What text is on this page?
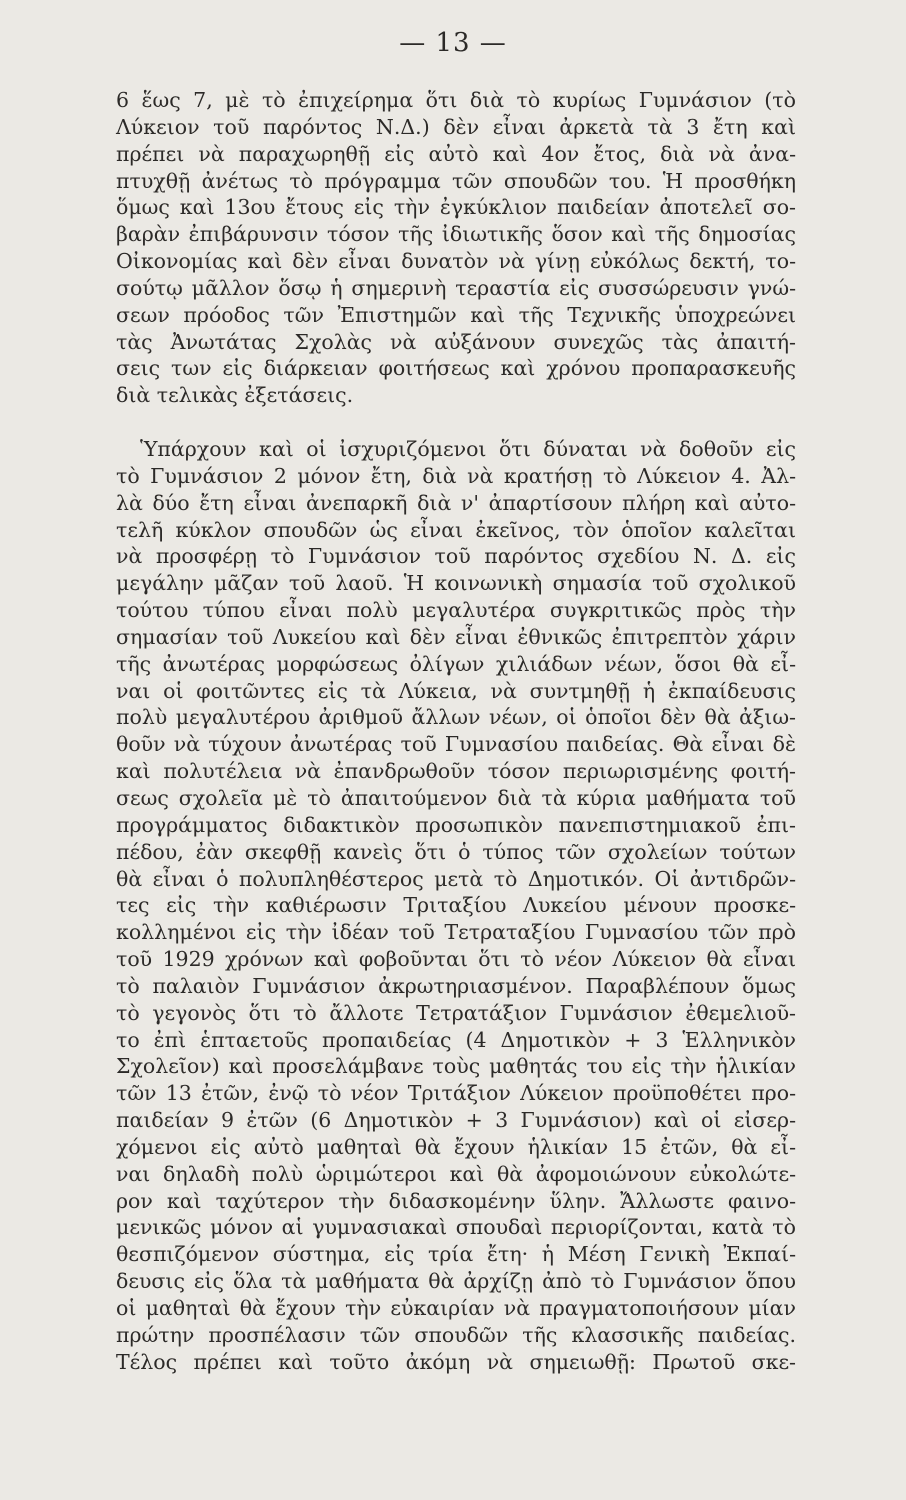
— 13 —
6 ἕως 7, μὲ τὸ ἐπιχείρημα ὅτι διὰ τὸ κυρίως Γυμνάσιον (τὸ
Λύκειον τοῦ παρόντος Ν.Δ.) δὲν εἶναι ἀρκετὰ τὰ 3 ἔτη καὶ
πρέπει νὰ παραχωρηθῇ εἰς αὐτὸ καὶ 4ον ἔτος, διὰ νὰ ἀνα-
πτυχθῇ ἀνέτως τὸ πρόγραμμα τῶν σπουδῶν του. Ἡ προσθήκη
ὅμως καὶ 13ου ἔτους εἰς τὴν ἐγκύκλιον παιδείαν ἀποτελεῖ σο-
βαρὰν ἐπιβάρυνσιν τόσον τῆς ἰδιωτικῆς ὅσον καὶ τῆς δημοσίας
Οἰκονομίας καὶ δὲν εἶναι δυνατὸν νὰ γίνῃ εὐκόλως δεκτή, το-
σούτῳ μᾶλλον ὅσῳ ἡ σημερινὴ τεραστία εἰς συσσώρευσιν γνώ-
σεων πρόοδος τῶν Ἐπιστημῶν καὶ τῆς Τεχνικῆς ὑποχρεώνει
τὰς Ἀνωτάτας Σχολὰς νὰ αὐξάνουν συνεχῶς τὰς ἀπαιτή-
σεις των εἰς διάρκειαν φοιτήσεως καὶ χρόνου προπαρασκευῆς
διὰ τελικὰς ἐξετάσεις.
Ὑπάρχουν καὶ οἱ ἰσχυριζόμενοι ὅτι δύναται νὰ δοθοῦν εἰς
τὸ Γυμνάσιον 2 μόνον ἔτη, διὰ νὰ κρατήσῃ τὸ Λύκειον 4. Ἀλ-
λὰ δύο ἔτη εἶναι ἀνεπαρκῆ διὰ ν' ἀπαρτίσουν πλήρη καὶ αὐτο-
τελῆ κύκλον σπουδῶν ὡς εἶναι ἐκεῖνος, τὸν ὁποῖον καλεῖται
νὰ προσφέρῃ τὸ Γυμνάσιον τοῦ παρόντος σχεδίου Ν. Δ. εἰς
μεγάλην μᾶζαν τοῦ λαοῦ. Ἡ κοινωνικὴ σημασία τοῦ σχολικοῦ
τούτου τύπου εἶναι πολὺ μεγαλυτέρα συγκριτικῶς πρὸς τὴν
σημασίαν τοῦ Λυκείου καὶ δὲν εἶναι ἐθνικῶς ἐπιτρεπτὸν χάριν
τῆς ἀνωτέρας μορφώσεως ὀλίγων χιλιάδων νέων, ὅσοι θὰ εἶ-
ναι οἱ φοιτῶντες εἰς τὰ Λύκεια, νὰ συντμηθῇ ἡ ἐκπαίδευσις
πολὺ μεγαλυτέρου ἀριθμοῦ ἄλλων νέων, οἱ ὁποῖοι δὲν θὰ ἀξιω-
θοῦν νὰ τύχουν ἀνωτέρας τοῦ Γυμνασίου παιδείας. Θὰ εἶναι δὲ
καὶ πολυτέλεια νὰ ἐπανδρωθοῦν τόσον περιωρισμένης φοιτή-
σεως σχολεῖα μὲ τὸ ἀπαιτούμενον διὰ τὰ κύρια μαθήματα τοῦ
προγράμματος διδακτικὸν προσωπικὸν πανεπιστημιακοῦ ἐπι-
πέδου, ἐὰν σκεφθῇ κανεὶς ὅτι ὁ τύπος τῶν σχολείων τούτων
θὰ εἶναι ὁ πολυπληθέστερος μετὰ τὸ Δημοτικόν. Οἱ ἀντιδρῶν-
τες εἰς τὴν καθιέρωσιν Τριταξίου Λυκείου μένουν προσκε-
κολλημένοι εἰς τὴν ἰδέαν τοῦ Τετραταξίου Γυμνασίου τῶν πρὸ
τοῦ 1929 χρόνων καὶ φοβοῦνται ὅτι τὸ νέον Λύκειον θὰ εἶναι
τὸ παλαιὸν Γυμνάσιον ἀκρωτηριασμένον. Παραβλέπουν ὅμως
τὸ γεγονὸς ὅτι τὸ ἄλλοτε Τετρατάξιον Γυμνάσιον ἐθεμελιοῦ-
το ἐπὶ ἑπταετοῦς προπαιδείας (4 Δημοτικὸν + 3 Ἑλληνικὸν
Σχολεῖον) καὶ προσελάμβανε τοὺς μαθητάς του εἰς τὴν ἡλικίαν
τῶν 13 ἐτῶν, ἐνῷ τὸ νέον Τριτάξιον Λύκειον προϋποθέτει προ-
παιδείαν 9 ἐτῶν (6 Δημοτικὸν + 3 Γυμνάσιον) καὶ οἱ εἰσερ-
χόμενοι εἰς αὐτὸ μαθηταὶ θὰ ἔχουν ἡλικίαν 15 ἐτῶν, θὰ εἶ-
ναι δηλαδὴ πολὺ ὡριμώτεροι καὶ θὰ ἀφομοιώνουν εὐκολώτε-
ρον καὶ ταχύτερον τὴν διδασκομένην ὕλην. Ἄλλωστε φαινο-
μενικῶς μόνον αἱ γυμνασιακαὶ σπουδαὶ περιορίζονται, κατὰ τὸ
θεσπιζόμενον σύστημα, εἰς τρία ἔτη· ἡ Μέση Γενικὴ Ἐκπαί-
δευσις εἰς ὅλα τὰ μαθήματα θὰ ἀρχίζῃ ἀπὸ τὸ Γυμνάσιον ὅπου
οἱ μαθηταὶ θὰ ἔχουν τὴν εὐκαιρίαν νὰ πραγματοποιήσουν μίαν
πρώτην προσπέλασιν τῶν σπουδῶν τῆς κλασσικῆς παιδείας.
Τέλος πρέπει καὶ τοῦτο ἀκόμη νὰ σημειωθῇ: Πρωτοῦ σκε-
